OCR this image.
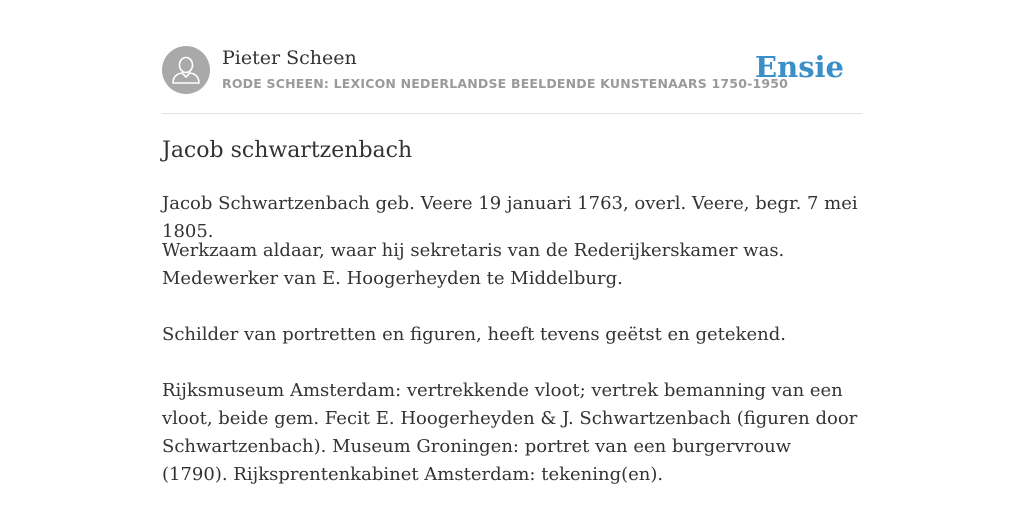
Pieter Scheen
RODE SCHEEN: LEXICON NEDERLANDSE BEELDENDE KUNSTENAARS 1750-1950
Ensie
Jacob schwartzenbach

Jacob Schwartzenbach geb. Veere 19 januari 1763, overl. Veere, begr. 7 mei 1805.

Werkzaam aldaar, waar hij sekretaris van de Rederijkerskamer was. Medewerker van E. Hoogerheyden te Middelburg.

Schilder van portretten en figuren, heeft tevens geëtst en getekend.

Rijksmuseum Amsterdam: vertrekkende vloot; vertrek bemanning van een vloot, beide gem. Fecit E. Hoogerheyden & J. Schwartzenbach (figuren door Schwartzenbach). Museum Groningen: portret van een burgervrouw (1790). Rijksprentenkabinet Amsterdam: tekening(en).
